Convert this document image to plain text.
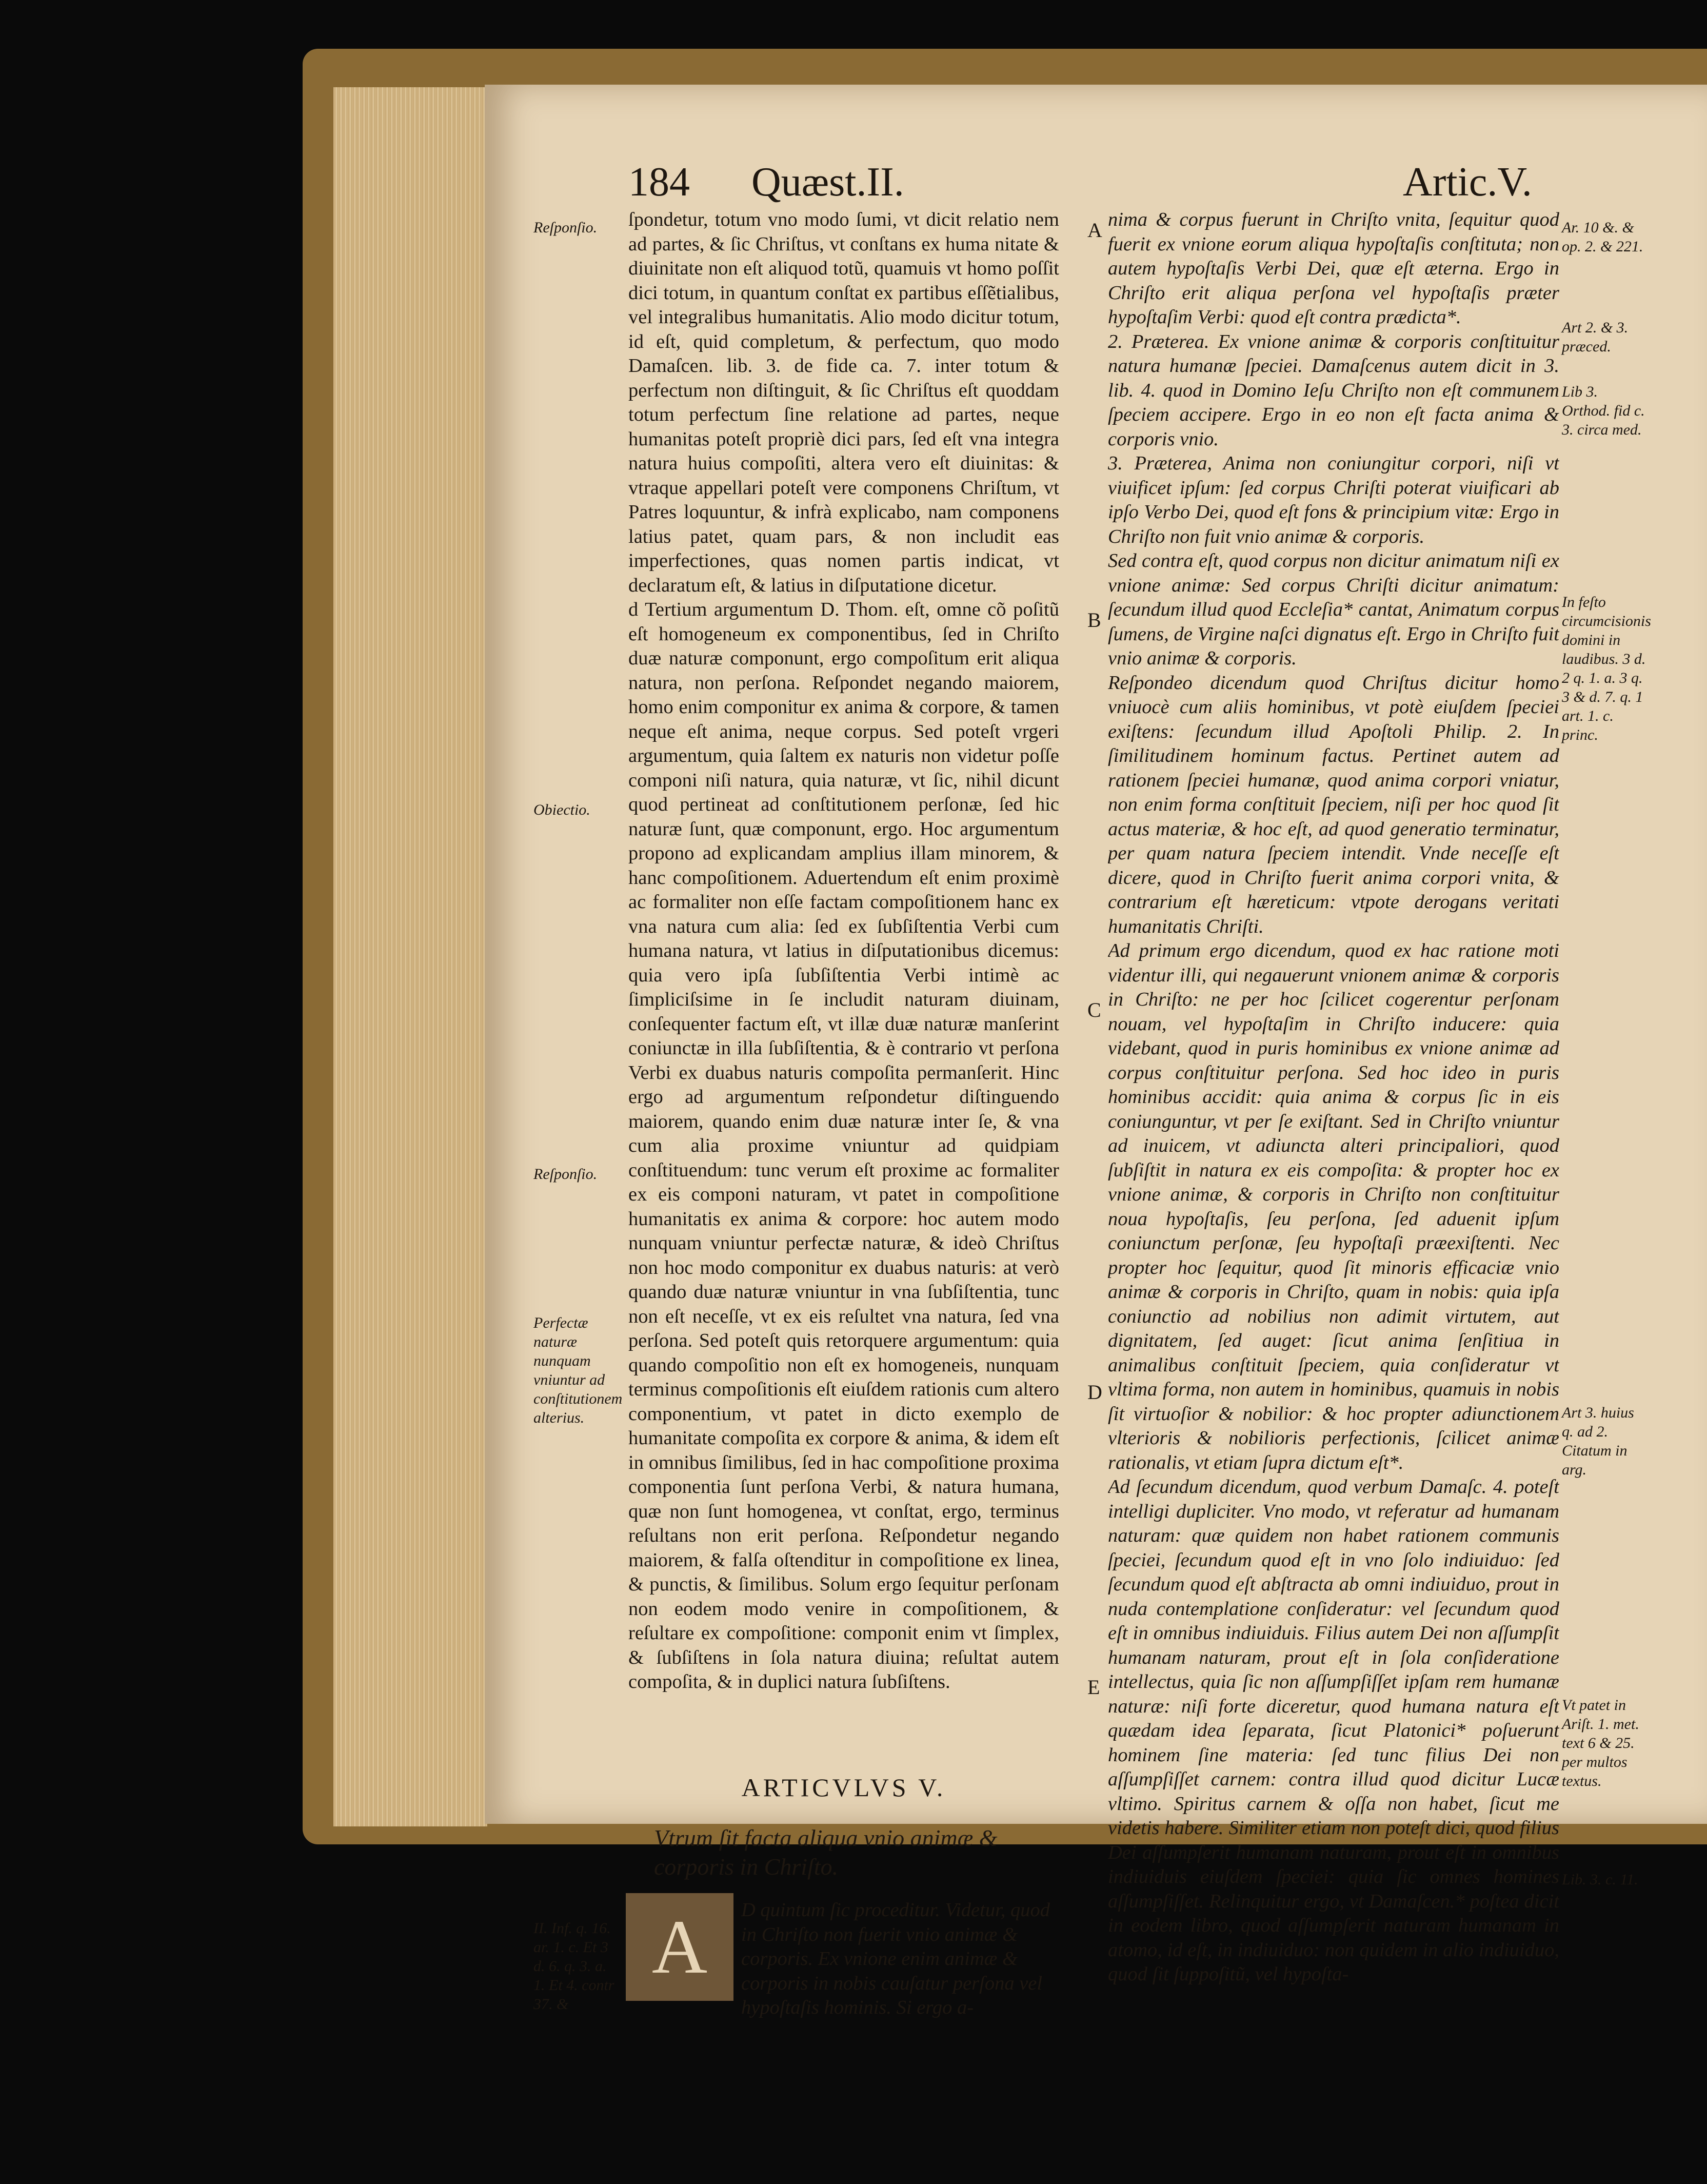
184 Quæst.II.	Artic.V.
Reſponſio.
Obiectio.
Reſponſio.
Perfectæ naturæ nunquam vniuntur ad conſtitutionem alterius.
II. Inf. q. 16. ar. 1. c. Et 3 d. 6. q. 3. a. 1. Et 4. contr 37. &
ſpondetur, totum vno modo ſumi, vt dicit relatio nem ad partes, & ſic Chriſtus, vt conſtans ex huma nitate & diuinitate non eſt aliquod totũ, quamuis vt homo poſſit dici totum, in quantum conſtat ex partibus eſſẽtialibus, vel integralibus humanitatis. Alio modo dicitur totum, id eſt, quid completum, & perfectum, quo modo Damaſcen. lib. 3. de fide ca. 7. inter totum & perfectum non diſtinguit, & ſic Chriſtus eſt quoddam totum perfectum ſine relatione ad partes, neque humanitas poteſt propriè dici pars, ſed eſt vna integra natura huius compoſiti, altera vero eſt diuinitas: & vtraque appellari poteſt vere componens Chriſtum, vt Patres loquuntur, & infrà explicabo, nam componens latius patet, quam pars, & non includit eas imperfectiones, quas nomen partis indicat, vt declaratum eſt, & latius in diſputatione dicetur.
d Tertium argumentum D. Thom. eſt, omne cõ poſitũ eſt homogeneum ex componentibus, ſed in Chriſto duæ naturæ componunt, ergo compoſitum erit aliqua natura, non perſona. Reſpondet negando maiorem, homo enim componitur ex anima & corpore, & tamen neque eſt anima, neque corpus. Sed poteſt vrgeri argumentum, quia ſaltem ex naturis non videtur poſſe componi niſi natura, quia naturæ, vt ſic, nihil dicunt quod pertineat ad conſtitutionem perſonæ, ſed hic naturæ ſunt, quæ componunt, ergo. Hoc argumentum propono ad explicandam amplius illam minorem, & hanc compoſitionem. Aduertendum eſt enim proximè ac formaliter non eſſe factam compoſitionem hanc ex vna natura cum alia: ſed ex ſubſiſtentia Verbi cum humana natura, vt latius in diſputationibus dicemus: quia vero ipſa ſubſiſtentia Verbi intimè ac ſimpliciſsime in ſe includit naturam diuinam, conſequenter factum eſt, vt illæ duæ naturæ manſerint coniunctæ in illa ſubſiſtentia, & è contrario vt perſona Verbi ex duabus naturis compoſita permanſerit. Hinc ergo ad argumentum reſpondetur diſtinguendo maiorem, quando enim duæ naturæ inter ſe, & vna cum alia proxime vniuntur ad quidpiam conſtituendum: tunc verum eſt proxime ac formaliter ex eis componi naturam, vt patet in compoſitione humanitatis ex anima & corpore: hoc autem modo nunquam vniuntur perfectæ naturæ, & ideò Chriſtus non hoc modo componitur ex duabus naturis: at verò quando duæ naturæ vniuntur in vna ſubſiſtentia, tunc non eſt neceſſe, vt ex eis reſultet vna natura, ſed vna perſona. Sed poteſt quis retorquere argumentum: quia quando compoſitio non eſt ex homogeneis, nunquam terminus compoſitionis eſt eiuſdem rationis cum altero componentium, vt patet in dicto exemplo de humanitate compoſita ex corpore & anima, & idem eſt in omnibus ſimilibus, ſed in hac compoſitione proxima componentia ſunt perſona Verbi, & natura humana, quæ non ſunt homogenea, vt conſtat, ergo, terminus reſultans non erit perſona. Reſpondetur negando maiorem, & falſa oſtenditur in compoſitione ex linea, & punctis, & ſimilibus. Solum ergo ſequitur perſonam non eodem modo venire in compoſitionem, & reſultare ex compoſitione: componit enim vt ſimplex, & ſubſiſtens in ſola natura diuina; reſultat autem compoſita, & in duplici natura ſubſiſtens.
ARTICVLVS V.
Vtrum ſit facta aliqua vnio animæ & corporis in Chriſto.
A	D quintum ſic proceditur. Videtur, quod in Chriſto non fuerit vnio animæ & corporis. Ex vnione enim animæ & corporis in nobis cauſatur perſona vel hypoſtaſis hominis. Si ergo a-
A
B
C
D
E
nima & corpus fuerunt in Chriſto vnita, ſequitur quod fuerit ex vnione eorum aliqua hypoſtaſis conſtituta; non autem hypoſtaſis Verbi Dei, quæ eſt æterna. Ergo in Chriſto erit aliqua perſona vel hypoſtaſis præter hypoſtaſim Verbi: quod eſt contra prædicta*.
2. Præterea. Ex vnione animæ & corporis conſtituitur natura humanæ ſpeciei. Damaſcenus autem dicit in 3. lib. 4. quod in Domino Ieſu Chriſto non eſt communem ſpeciem accipere. Ergo in eo non eſt facta anima & corporis vnio.
3. Præterea, Anima non coniungitur corpori, niſi vt viuificet ipſum: ſed corpus Chriſti poterat viuificari ab ipſo Verbo Dei, quod eſt fons & principium vitæ: Ergo in Chriſto non fuit vnio animæ & corporis.
Sed contra eſt, quod corpus non dicitur animatum niſi ex vnione animæ: Sed corpus Chriſti dicitur animatum: ſecundum illud quod Eccleſia* cantat, Animatum corpus ſumens, de Virgine naſci dignatus eſt. Ergo in Chriſto fuit vnio animæ & corporis.
Reſpondeo dicendum quod Chriſtus dicitur homo vniuocè cum aliis hominibus, vt potè eiuſdem ſpeciei exiſtens: ſecundum illud Apoſtoli Philip. 2. In ſimilitudinem hominum factus. Pertinet autem ad rationem ſpeciei humanæ, quod anima corpori vniatur, non enim forma conſtituit ſpeciem, niſi per hoc quod ſit actus materiæ, & hoc eſt, ad quod generatio terminatur, per quam natura ſpeciem intendit. Vnde neceſſe eſt dicere, quod in Chriſto fuerit anima corpori vnita, & contrarium eſt hæreticum: vtpote derogans veritati humanitatis Chriſti.
Ad primum ergo dicendum, quod ex hac ratione moti videntur illi, qui negauerunt vnionem animæ & corporis in Chriſto: ne per hoc ſcilicet cogerentur perſonam nouam, vel hypoſtaſim in Chriſto inducere: quia videbant, quod in puris hominibus ex vnione animæ ad corpus conſtituitur perſona. Sed hoc ideo in puris hominibus accidit: quia anima & corpus ſic in eis coniunguntur, vt per ſe exiſtant. Sed in Chriſto vniuntur ad inuicem, vt adiuncta alteri principaliori, quod ſubſiſtit in natura ex eis compoſita: & propter hoc ex vnione animæ, & corporis in Chriſto non conſtituitur noua hypoſtaſis, ſeu perſona, ſed aduenit ipſum coniunctum perſonæ, ſeu hypoſtaſi præexiſtenti. Nec propter hoc ſequitur, quod ſit minoris efficaciæ vnio animæ & corporis in Chriſto, quam in nobis: quia ipſa coniunctio ad nobilius non adimit virtutem, aut dignitatem, ſed auget: ſicut anima ſenſitiua in animalibus conſtituit ſpeciem, quia conſideratur vt vltima forma, non autem in hominibus, quamuis in nobis ſit virtuoſior & nobilior: & hoc propter adiunctionem vlterioris & nobilioris perfectionis, ſcilicet animæ rationalis, vt etiam ſupra dictum eſt*.
Ad ſecundum dicendum, quod verbum Damaſc. 4. poteſt intelligi dupliciter. Vno modo, vt referatur ad humanam naturam: quæ quidem non habet rationem communis ſpeciei, ſecundum quod eſt in vno ſolo indiuiduo: ſed ſecundum quod eſt abſtracta ab omni indiuiduo, prout in nuda contemplatione conſideratur: vel ſecundum quod eſt in omnibus indiuiduis. Filius autem Dei non aſſumpſit humanam naturam, prout eſt in ſola conſideratione intellectus, quia ſic non aſſumpſiſſet ipſam rem humanæ naturæ: niſi forte diceretur, quod humana natura eſt quædam idea ſeparata, ſicut Platonici* poſuerunt hominem ſine materia: ſed tunc filius Dei non aſſumpſiſſet carnem: contra illud quod dicitur Lucæ vltimo. Spiritus carnem & oſſa non habet, ſicut me videtis habere. Similiter etiam non poteſt dici, quod filius Dei aſſumpſerit humanam naturam, prout eſt in omnibus indiuiduis eiuſdem ſpeciei: quia ſic omnes homines aſſumpſiſſet. Relinquitur ergo, vt Damaſcen.* poſtea dicit in eodem libro, quod aſſumpſerit naturam humanam in atomo, id eſt, in indiuiduo: non quidem in alio indiuiduo, quod ſit ſuppoſitũ, vel hypoſta-
Ar. 10 &. & op. 2. & 221.
Art 2. & 3. præced.
Lib 3. Orthod. fid c. 3. circa med.
In feſto circumcisionis domini in laudibus. 3 d. 2 q. 1. a. 3 q. 3 & d. 7. q. 1 art. 1. c. princ.
Art 3. huius q. ad 2. Citatum in arg.
Vt patet in Ariſt. 1. met. text 6 & 25. per multos textus.
Lib. 3. c. 11.
